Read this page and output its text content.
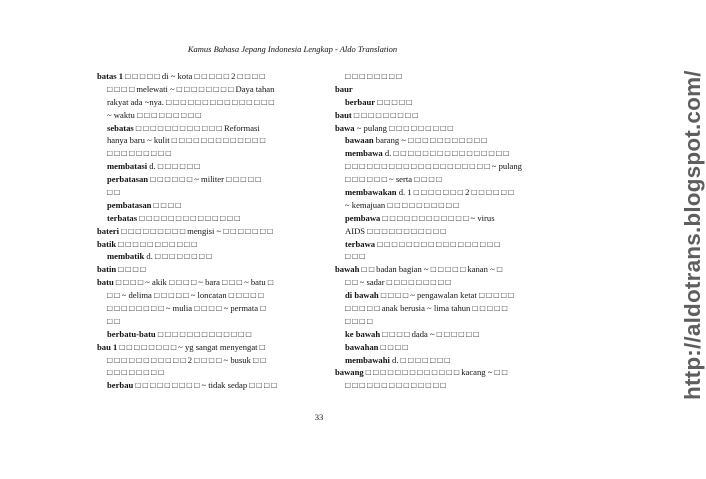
Kamus Bahasa Jepang Indonesia Lengkap - Aldo Translation
batas 1 □ □ □ □ □ di ~ kota □ □ □ □ □ 2 □ □ □ □
□ □ □ □ melewati ~ □ □ □ □ □ □ □ □ Daya tahan
rakyat ada ~nya. □ □ □ □ □ □ □ □ □ □ □ □ □ □ □
~ waktu □ □ □ □ □ □ □ □ □
sebatas □ □ □ □ □ □ □ □ □ □ □ □ Reformasi
hanya baru ~ kulit □ □ □ □ □ □ □ □ □ □ □ □ □
□ □ □ □ □ □ □ □ □
membatasi d. □ □ □ □ □ □
perbatasan □ □ □ □ □ □ ~ militer □ □ □ □ □
□ □
pembatasan □ □ □ □
terbatas □ □ □ □ □ □ □ □ □ □ □ □ □ □
bateri □ □ □ □ □ □ □ □ □ mengisi ~ □ □ □ □ □ □ □
batik □ □ □ □ □ □ □ □ □ □ □
membatik d. □ □ □ □ □ □ □ □
batin □ □ □ □
batu □ □ □ □ ~ akik □ □ □ □ ~ bara □ □ □ ~ batu □
□ □ ~ delima □ □ □ □ □ ~ loncatan □ □ □ □ □
□ □ □ □ □ □ □ □ ~ mulia □ □ □ □ ~ permata □
□ □
berbatu-batu □ □ □ □ □ □ □ □ □ □ □ □ □
bau 1 □ □ □ □ □ □ □ □ ~ yg sangat menyengat □
□ □ □ □ □ □ □ □ □ □ □ 2 □ □ □ □ ~ busuk □ □
□ □ □ □ □ □ □ □
berbau □ □ □ □ □ □ □ □ □ ~ tidak sedap □ □ □ □
□ □ □ □ □ □ □ □
baur
berbaur □ □ □ □ □
baut □ □ □ □ □ □ □ □ □
bawa ~ pulang □ □ □ □ □ □ □ □ □
bawaan barang ~ □ □ □ □ □ □ □ □ □ □ □
membawa d. □ □ □ □ □ □ □ □ □ □ □ □ □ □ □ □
□ □ □ □ □ □ □ □ □ □ □ □ □ □ □ □ □ □ □ □ ~ pulang
□ □ □ □ □ □ ~ serta □ □ □ □
membawakan d. 1 □ □ □ □ □ □ □ 2 □ □ □ □ □ □
~ kemajuan □ □ □ □ □ □ □ □ □ □
pembawa □ □ □ □ □ □ □ □ □ □ □ □ ~ virus
AIDS □ □ □ □ □ □ □ □ □ □ □
terbawa □ □ □ □ □ □ □ □ □ □ □ □ □ □ □ □ □
□ □ □
bawah □ □ badan bagian ~ □ □ □ □ □ kanan ~ □
□ □ ~ sadar □ □ □ □ □ □ □ □ □
di bawah □ □ □ □ ~ pengawalan ketat □ □ □ □ □
□ □ □ □ □ anak berusia ~ lima tahun □ □ □ □ □
□ □ □ □
ke bawah □ □ □ □ dada ~ □ □ □ □ □ □
bawahan □ □ □ □
membawahi d. □ □ □ □ □ □ □
bawang □ □ □ □ □ □ □ □ □ □ □ □ □ kacang ~ □ □
□ □ □ □ □ □ □ □ □ □ □ □ □ □
33
http://aldotrans.blogspot.com/
